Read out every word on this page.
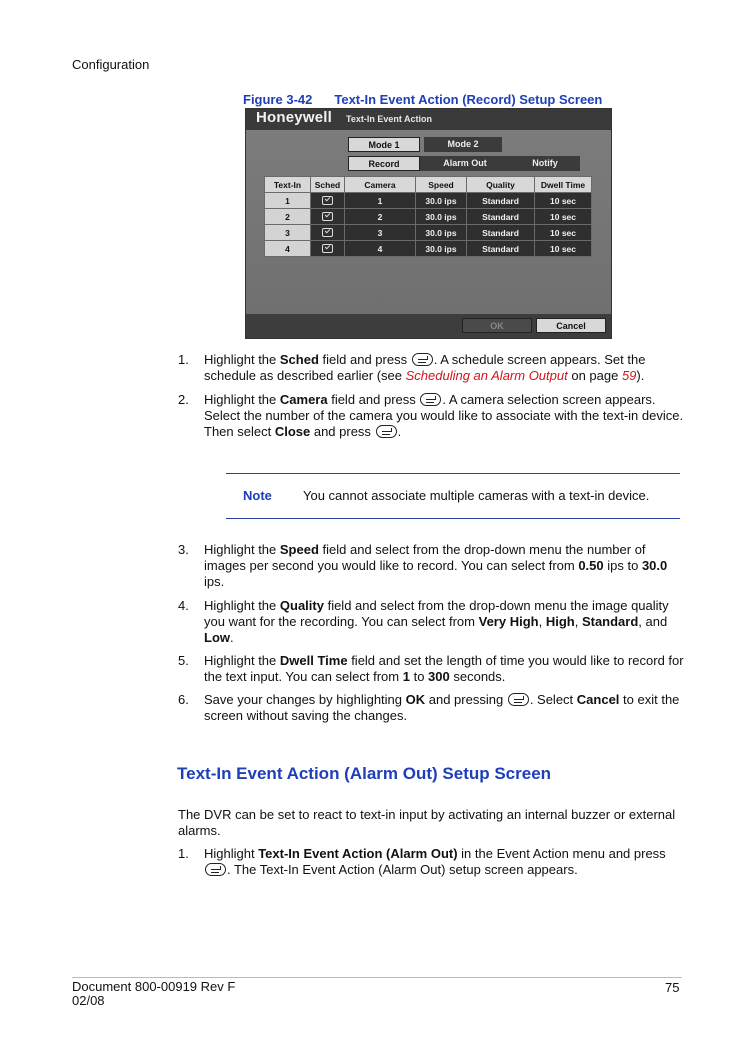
Configuration
Figure 3-42 Text-In Event Action (Record) Setup Screen
Honeywell Text-In Event Action
Mode 1	Mode 2
Record	Alarm Out	Notify
Text-In	Sched	Camera	Speed	Quality	Dwell Time
1		1	30.0 ips	Standard	10 sec
2		2	30.0 ips	Standard	10 sec
3		3	30.0 ips	Standard	10 sec
4		4	30.0 ips	Standard	10 sec
OK	Cancel
1. Highlight the Sched field and press . A schedule screen appears. Set the schedule as described earlier (see Scheduling an Alarm Output on page 59).
2. Highlight the Camera field and press . A camera selection screen appears. Select the number of the camera you would like to associate with the text-in device. Then select Close and press .
Note You cannot associate multiple cameras with a text-in device.
3. Highlight the Speed field and select from the drop-down menu the number of images per second you would like to record. You can select from 0.50 ips to 30.0 ips.
4. Highlight the Quality field and select from the drop-down menu the image quality you want for the recording. You can select from Very High, High, Standard, and Low.
5. Highlight the Dwell Time field and set the length of time you would like to record for the text input. You can select from 1 to 300 seconds.
6. Save your changes by highlighting OK and pressing . Select Cancel to exit the screen without saving the changes.
Text-In Event Action (Alarm Out) Setup Screen
The DVR can be set to react to text-in input by activating an internal buzzer or external alarms.
1. Highlight Text-In Event Action (Alarm Out) in the Event Action menu and press . The Text-In Event Action (Alarm Out) setup screen appears.
Document 800-00919 Rev F
02/08
75
